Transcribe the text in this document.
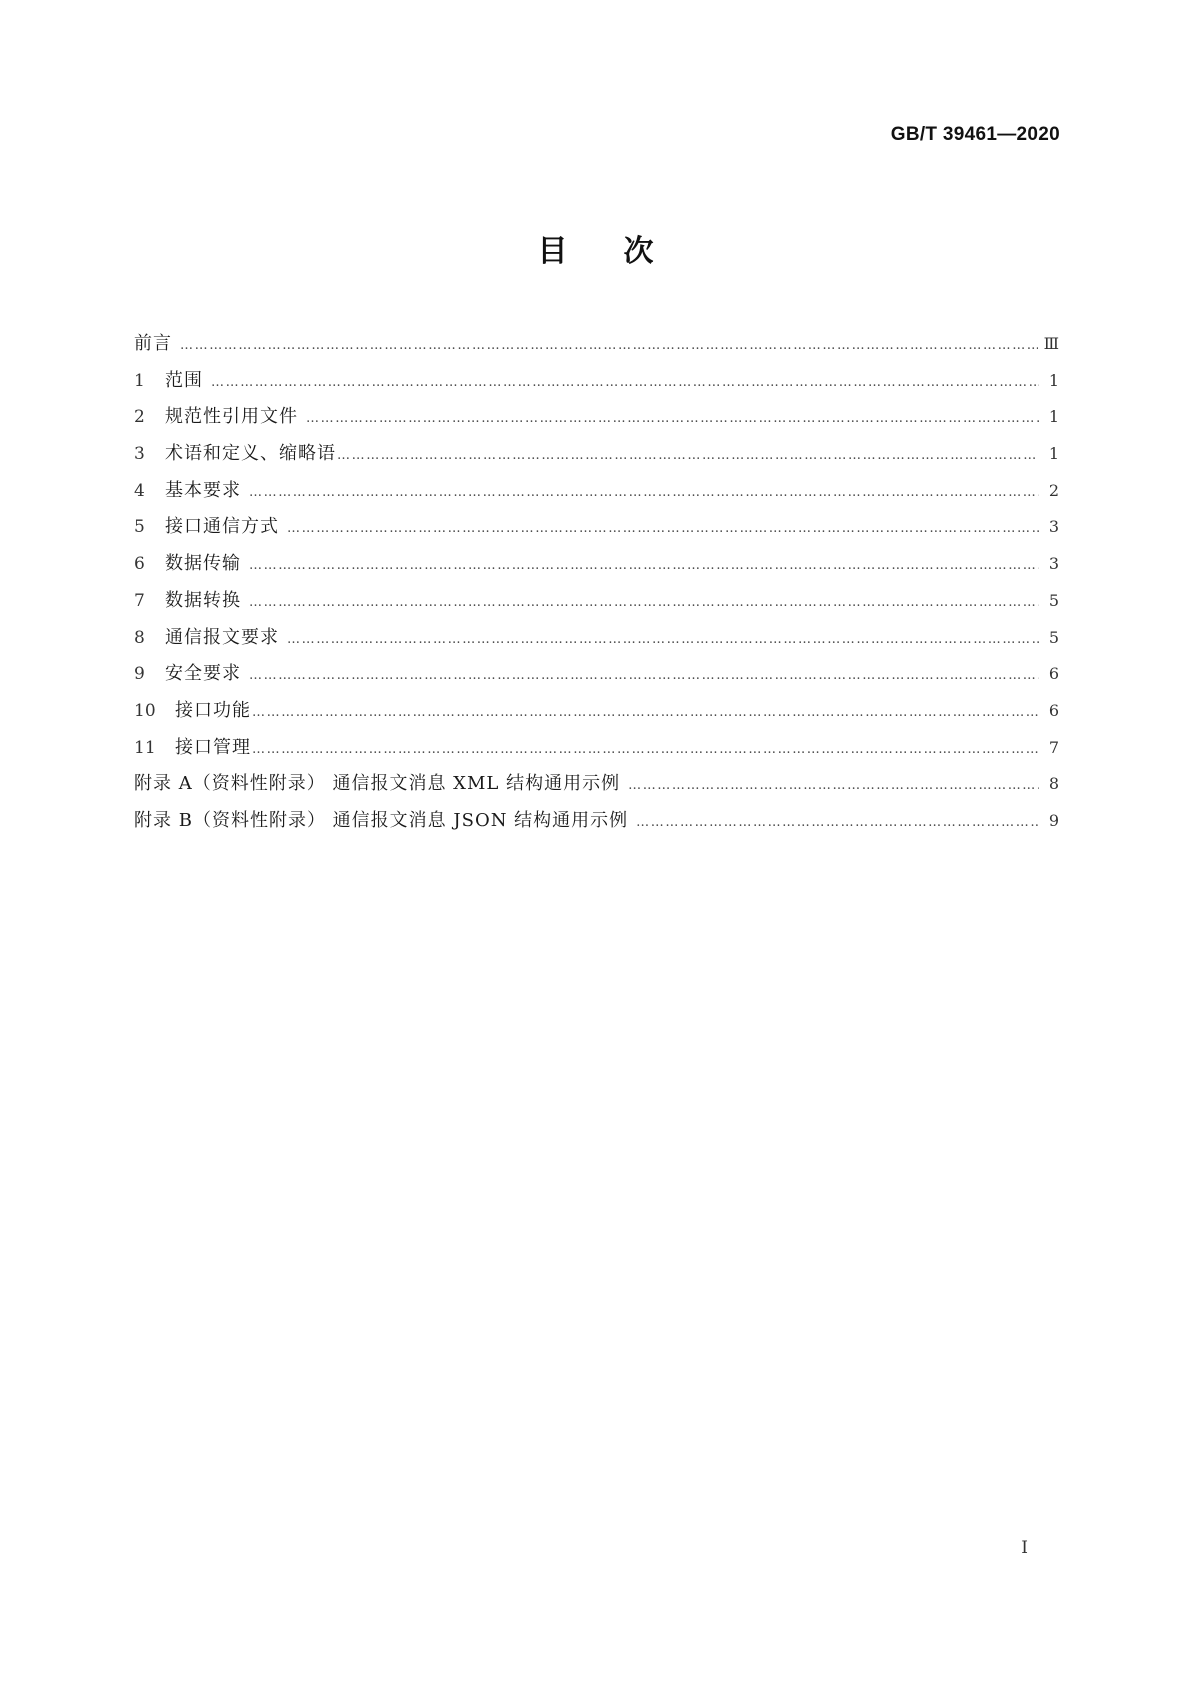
GB/T 39461—2020
目次
前言 ………………………………………………………………………………………………………………………………………………………………………………………………………………………………	Ⅲ
1	范围 ………………………………………………………………………………………………………………………………………………………………………………………………………………………………	1
2	规范性引用文件 ………………………………………………………………………………………………………………………………………………………………………………………………………………………………	1
3	术语和定义、缩略语 ………………………………………………………………………………………………………………………………………………………………………………………………………………………………	1
4	基本要求 ………………………………………………………………………………………………………………………………………………………………………………………………………………………………	2
5	接口通信方式 ………………………………………………………………………………………………………………………………………………………………………………………………………………………………	3
6	数据传输 ………………………………………………………………………………………………………………………………………………………………………………………………………………………………	3
7	数据转换 ………………………………………………………………………………………………………………………………………………………………………………………………………………………………	5
8	通信报文要求 ………………………………………………………………………………………………………………………………………………………………………………………………………………………………	5
9	安全要求 ………………………………………………………………………………………………………………………………………………………………………………………………………………………………	6
10	接口功能 ………………………………………………………………………………………………………………………………………………………………………………………………………………………………	6
11	接口管理 ………………………………………………………………………………………………………………………………………………………………………………………………………………………………	7
附录 A（资料性附录） 通信报文消息 XML 结构通用示例 ………………………………………………………………………………………………………………………………………………………………………………………………………………………………	8
附录 B（资料性附录） 通信报文消息 JSON 结构通用示例 ………………………………………………………………………………………………………………………………………………………………………………………………………………………………	9
I
